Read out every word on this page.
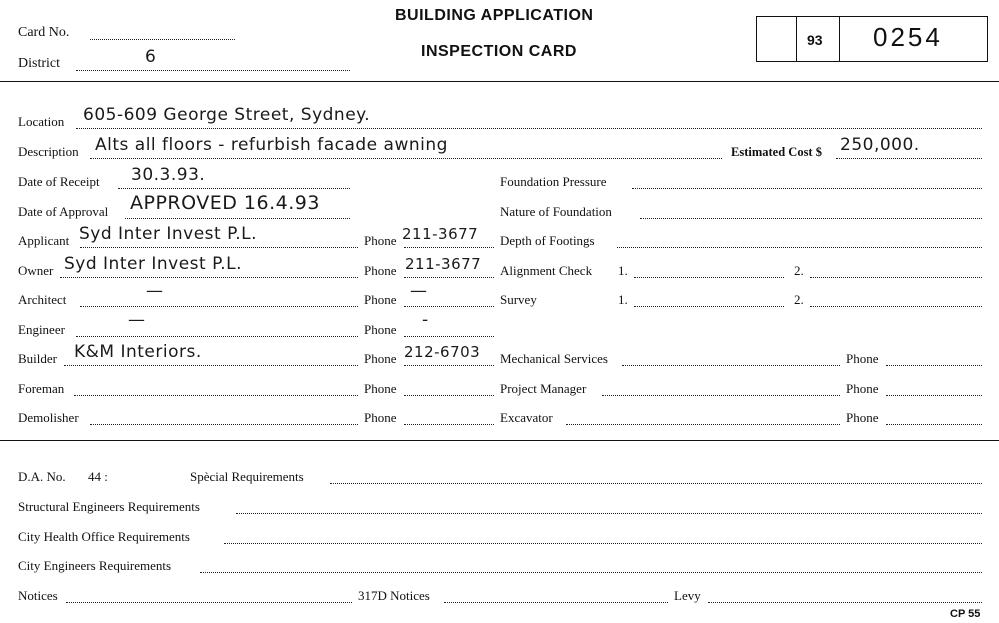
Card No.
District	6
BUILDING APPLICATION
INSPECTION CARD
93 0254
Location 605-609 George Street, Sydney.
Description Alts all floors - refurbish facade awning	Estimated Cost $ 250,000.
Date of Receipt 30.3.93.	Foundation Pressure
Date of Approval APPROVED 16.4.93	Nature of Foundation
Applicant Syd Inter Invest P.L.	Phone 211-3677 Depth of Footings
Owner Syd Inter Invest P.L.	Phone 211-3677 Alignment Check 1.	2.
Architect	—	Phone —	Survey	1.	2.
Engineer	—	Phone -
Builder K&M Interiors.	Phone 212-6703 Mechanical Services	Phone
Foreman	Phone	Project Manager	Phone
Demolisher	Phone	Excavator	Phone
D.A. No. 44 :	Spècial Requirements
Structural Engineers Requirements
City Health Office Requirements
City Engineers Requirements
Notices	317D Notices	Levy
CP 55
